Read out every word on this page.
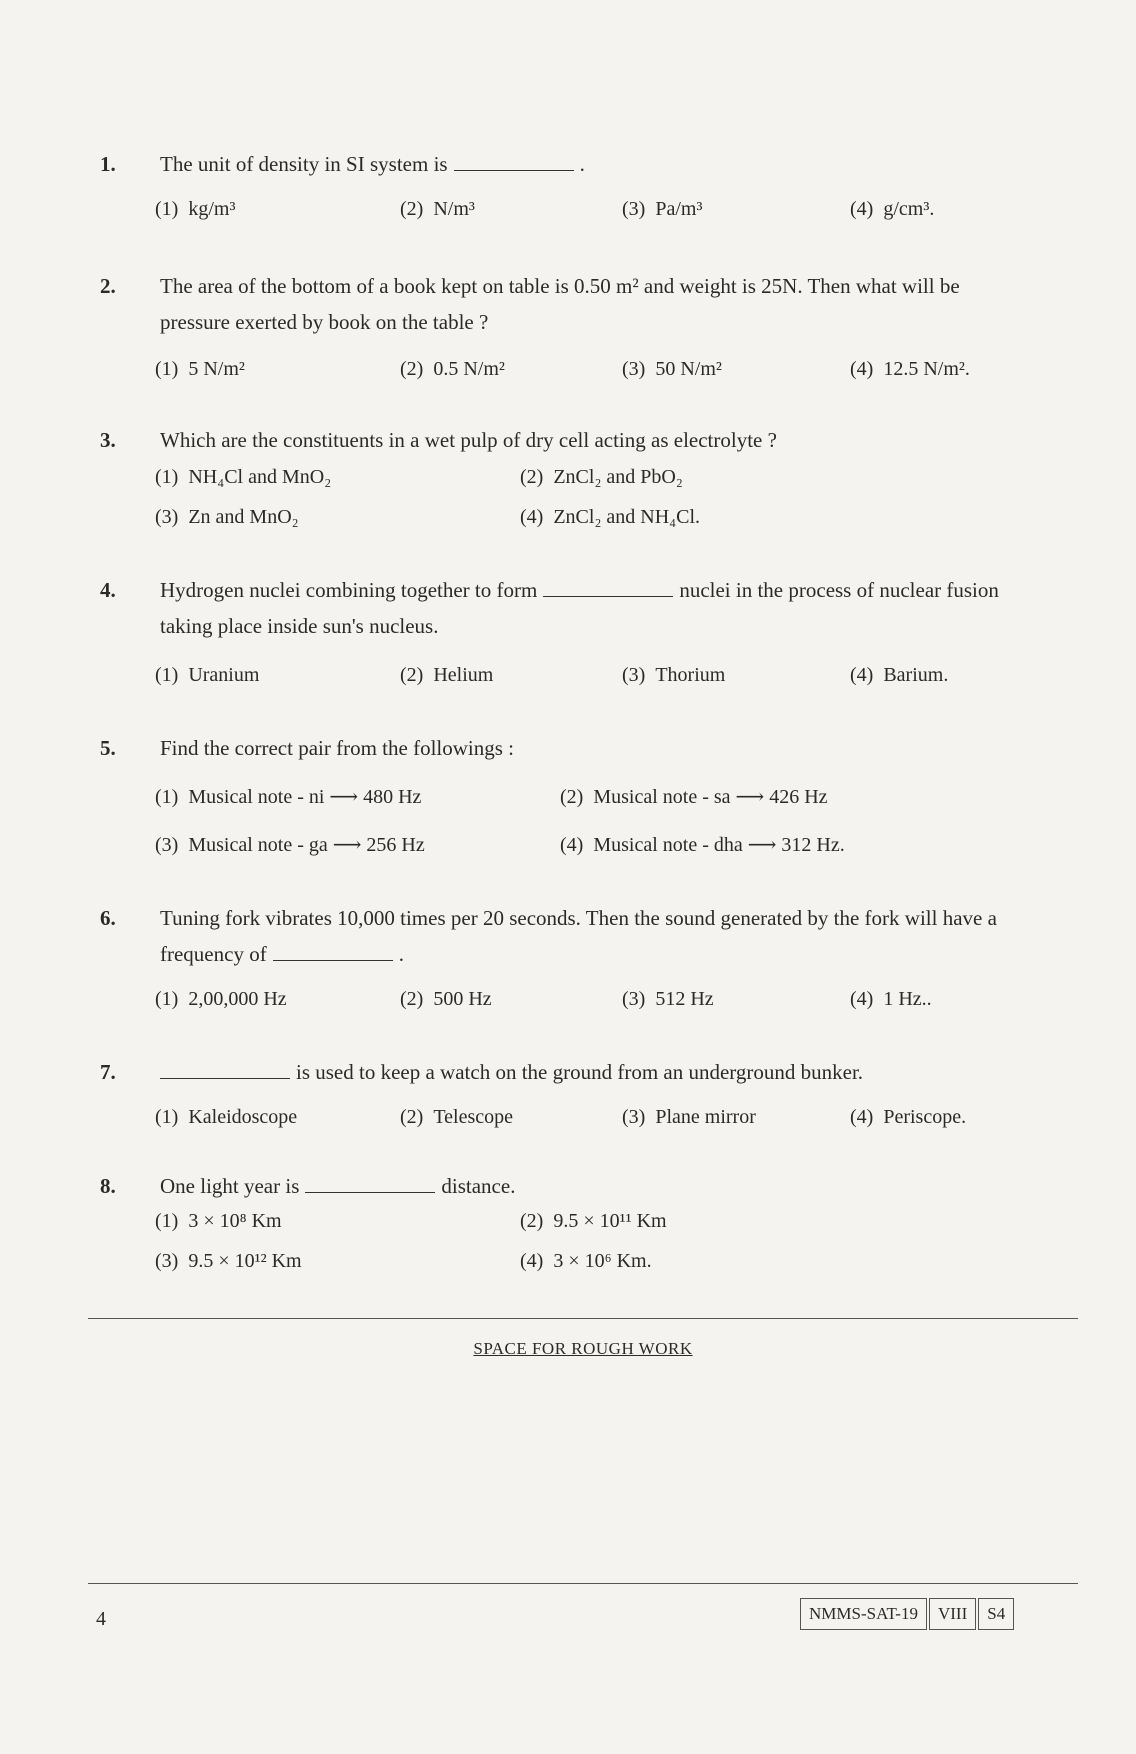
1. The unit of density in SI system is	.
(1) kg/m³	(2) N/m³	(3) Pa/m³	(4) g/cm³.
2. The area of the bottom of a book kept on table is 0.50 m² and weight is 25N. Then what will be pressure exerted by book on the table ?
(1) 5 N/m²	(2) 0.5 N/m²	(3) 50 N/m²	(4) 12.5 N/m².
3. Which are the constituents in a wet pulp of dry cell acting as electrolyte ?
(1) NH₄Cl and MnO₂	(2) ZnCl₂ and PbO₂
(3) Zn and MnO₂	(4) ZnCl₂ and NH₄Cl.
4. Hydrogen nuclei combining together to form	nuclei in the process of nuclear fusion taking place inside sun's nucleus.
(1) Uranium	(2) Helium	(3) Thorium	(4) Barium.
5. Find the correct pair from the followings :
(1) Musical note - ni ⟶ 480 Hz	(2) Musical note - sa ⟶ 426 Hz
(3) Musical note - ga ⟶ 256 Hz	(4) Musical note - dha ⟶ 312 Hz.
6. Tuning fork vibrates 10,000 times per 20 seconds. Then the sound generated by the fork will have a frequency of	.
(1) 2,00,000 Hz	(2) 500 Hz	(3) 512 Hz	(4) 1 Hz..
7.	is used to keep a watch on the ground from an underground bunker.
(1) Kaleidoscope	(2) Telescope	(3) Plane mirror	(4) Periscope.
8. One light year is	distance.
(1) 3 × 10⁸ Km	(2) 9.5 × 10¹¹ Km
(3) 9.5 × 10¹² Km	(4) 3 × 10⁶ Km.
SPACE FOR ROUGH WORK
4	NMMS-SAT-19	VIII	S4
